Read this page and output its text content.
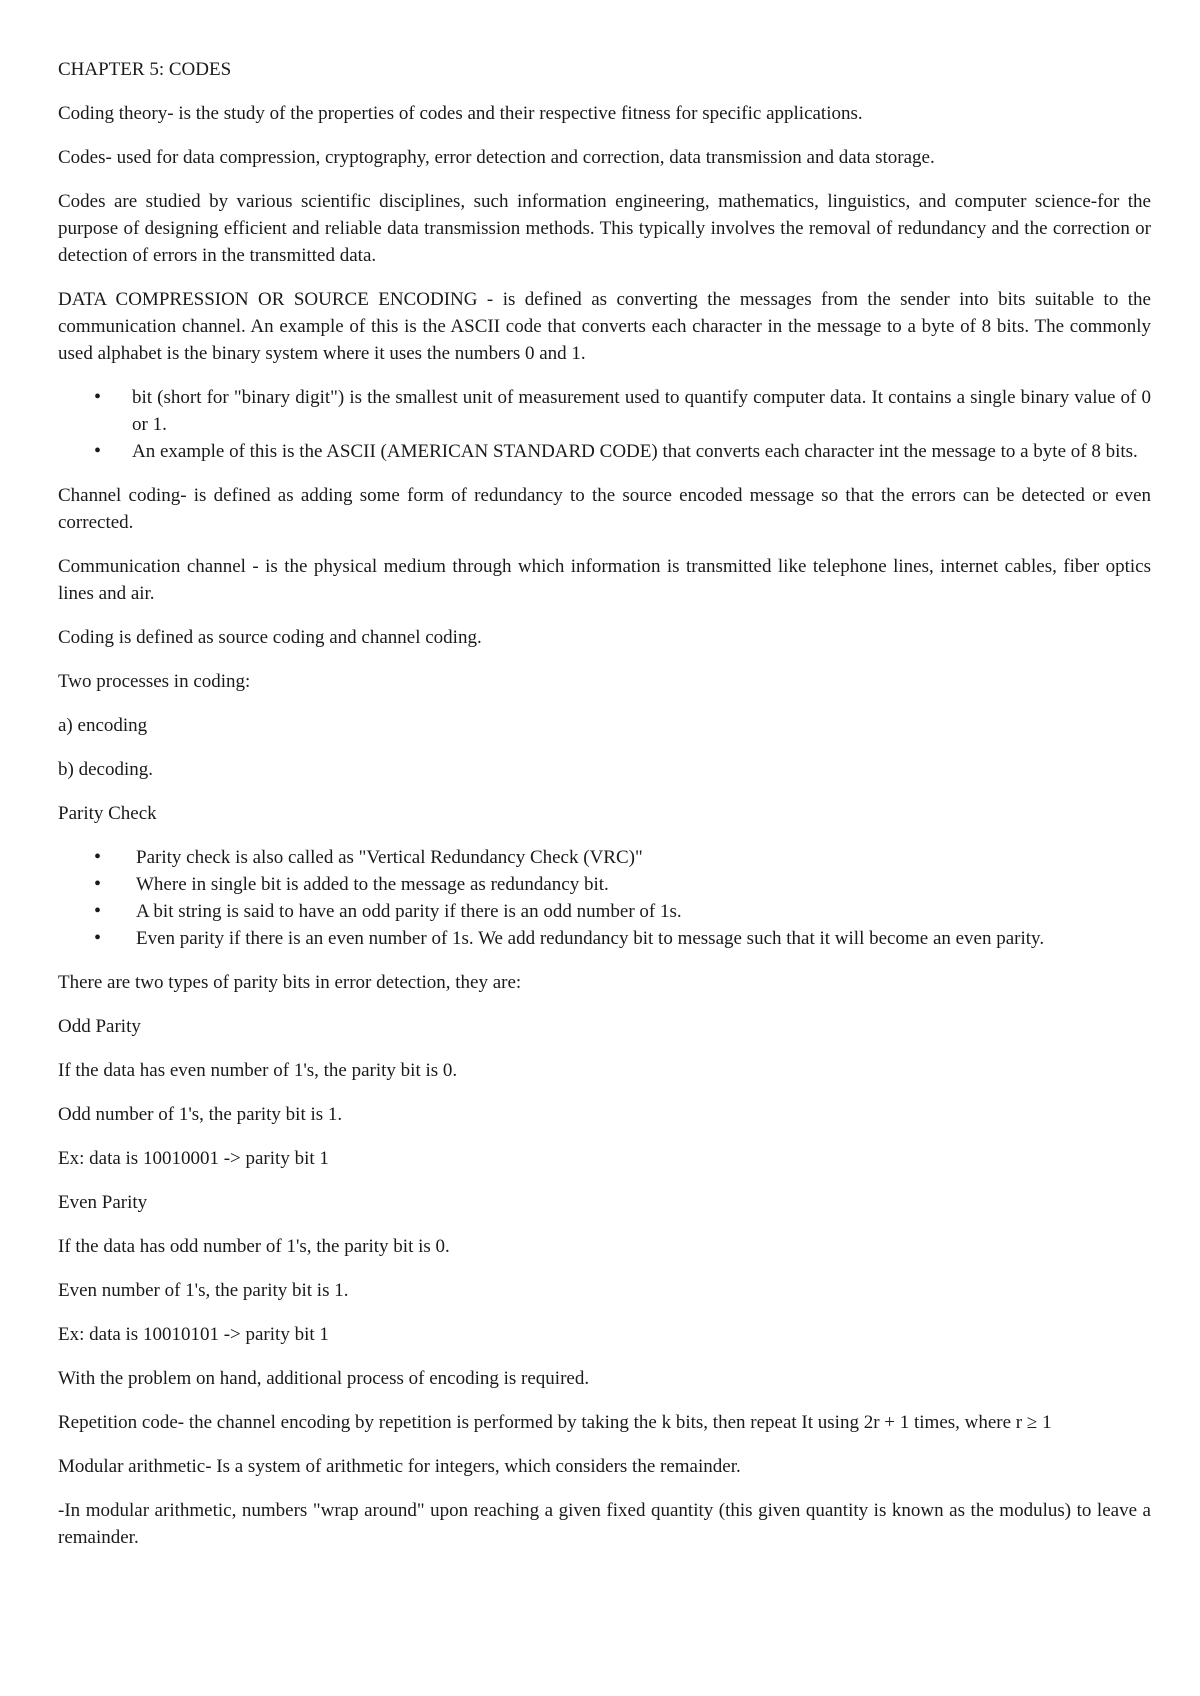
CHAPTER 5: CODES

Coding theory- is the study of the properties of codes and their respective fitness for specific applications.

Codes- used for data compression, cryptography, error detection and correction, data transmission and data storage.

Codes are studied by various scientific disciplines, such information engineering, mathematics, linguistics, and computer science-for the purpose of designing efficient and reliable data transmission methods. This typically involves the removal of redundancy and the correction or detection of errors in the transmitted data.

DATA COMPRESSION OR SOURCE ENCODING - is defined as converting the messages from the sender into bits suitable to the communication channel. An example of this is the ASCII code that converts each character in the message to a byte of 8 bits. The commonly used alphabet is the binary system where it uses the numbers 0 and 1.

• bit (short for "binary digit") is the smallest unit of measurement used to quantify computer data. It contains a single binary value of 0 or 1.
• An example of this is the ASCII (AMERICAN STANDARD CODE) that converts each character int the message to a byte of 8 bits.

Channel coding- is defined as adding some form of redundancy to the source encoded message so that the errors can be detected or even corrected.

Communication channel - is the physical medium through which information is transmitted like telephone lines, internet cables, fiber optics lines and air.

Coding is defined as source coding and channel coding.

Two processes in coding:

a) encoding

b) decoding.

Parity Check

• Parity check is also called as "Vertical Redundancy Check (VRC)"
• Where in single bit is added to the message as redundancy bit.
• A bit string is said to have an odd parity if there is an odd number of 1s.
• Even parity if there is an even number of 1s. We add redundancy bit to message such that it will become an even parity.

There are two types of parity bits in error detection, they are:

Odd Parity

If the data has even number of 1's, the parity bit is 0.

Odd number of 1's, the parity bit is 1.

Ex: data is 10010001 -> parity bit 1

Even Parity

If the data has odd number of 1's, the parity bit is 0.

Even number of 1's, the parity bit is 1.

Ex: data is 10010101 -> parity bit 1

With the problem on hand, additional process of encoding is required.

Repetition code- the channel encoding by repetition is performed by taking the k bits, then repeat It using 2r + 1 times, where r ≥ 1

Modular arithmetic- Is a system of arithmetic for integers, which considers the remainder.

-In modular arithmetic, numbers "wrap around" upon reaching a given fixed quantity (this given quantity is known as the modulus) to leave a remainder.
